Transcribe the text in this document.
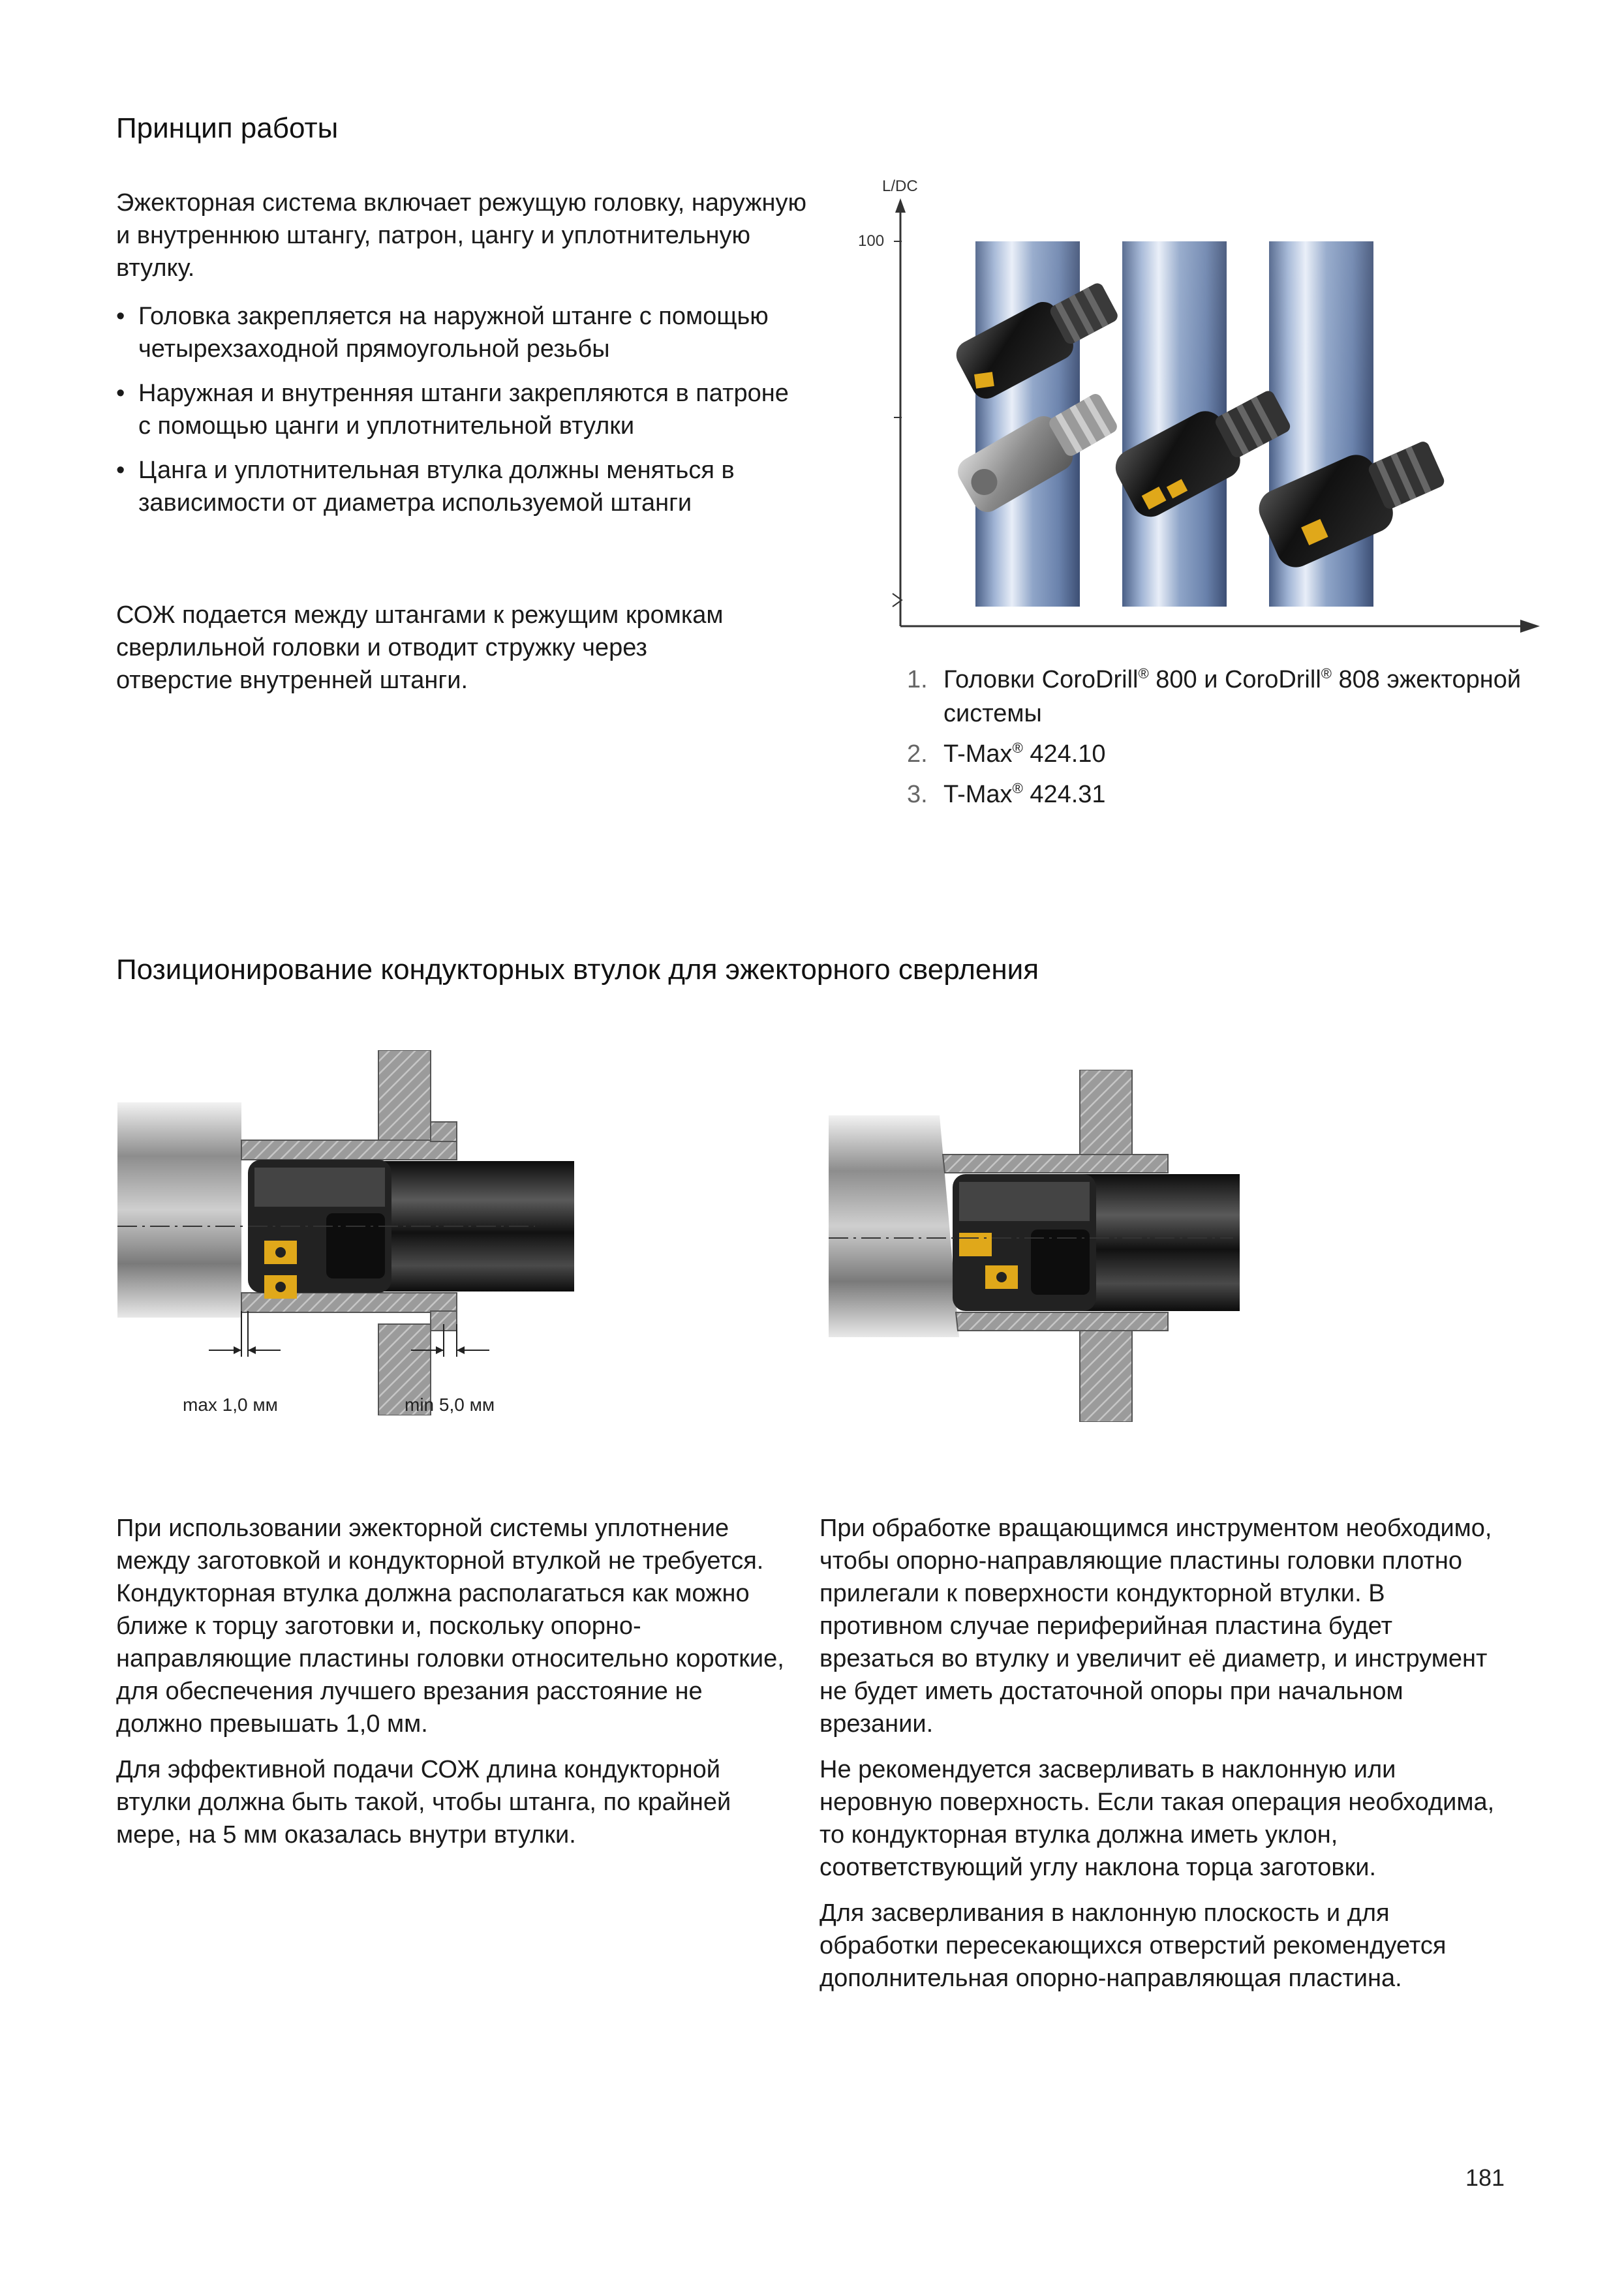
Принцип работы

Эжекторная система включает режущую головку, наружную и внутреннюю штангу, патрон, цангу и уплотнительную втулку.

• Головка закрепляется на наружной штанге с помощью четырехзаходной прямоугольной резьбы
• Наружная и внутренняя штанги закрепляются в патроне с помощью цанги и уплотнительной втулки
• Цанга и уплотнительная втулка должны меняться в зависимости от диаметра используемой штанги

СОЖ подается между штангами к режущим кромкам сверлильной головки и отводит стружку через отверстие внутренней штанги.

L/DC
100
1. Головки CoroDrill® 800 и CoroDrill® 808 эжекторной системы
2. T-Max® 424.10
3. T-Max® 424.31
Позиционирование кондукторных втулок для эжекторного сверления
max 1,0 мм	min 5,0 мм

При использовании эжекторной системы уплотнение между заготовкой и кондукторной втулкой не требуется. Кондукторная втулка должна располагаться как можно ближе к торцу заготовки и, поскольку опорно-направляющие пластины головки относительно короткие, для обеспечения лучшего врезания расстояние не должно превышать 1,0 мм.

Для эффективной подачи СОЖ длина кондукторной втулки должна быть такой, чтобы штанга, по крайней мере, на 5 мм оказалась внутри втулки.

При обработке вращающимся инструментом необходимо, чтобы опорно-направляющие пластины головки плотно прилегали к поверхности кондукторной втулки. В противном случае периферийная пластина будет врезаться во втулку и увеличит её диаметр, и инструмент не будет иметь достаточной опоры при начальном врезании.

Не рекомендуется засверливать в наклонную или неровную поверхность. Если такая операция необходима, то кондукторная втулка должна иметь уклон, соответствующий углу наклона торца заготовки.

Для засверливания в наклонную плоскость и для обработки пересекающихся отверстий рекомендуется дополнительная опорно-направляющая пластина.

181
